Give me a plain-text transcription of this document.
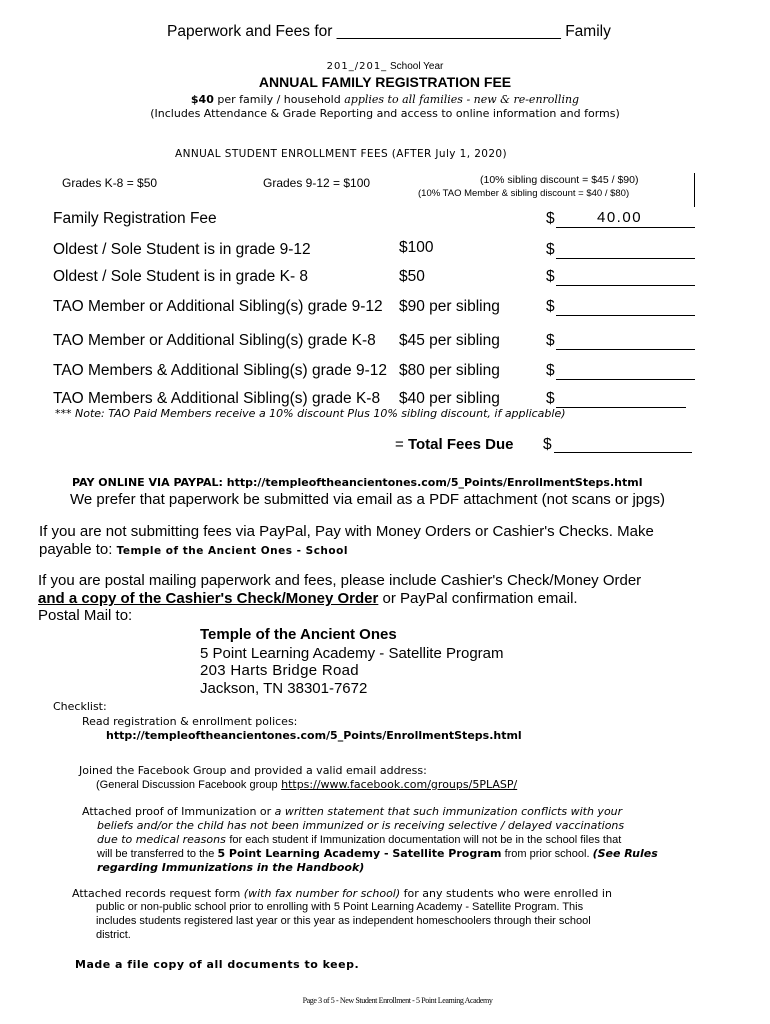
Paperwork and Fees for __________________________ Family
201_/201_ School Year
ANNUAL FAMILY REGISTRATION FEE
$40 per family / household applies to all families - new & re-enrolling
(Includes Attendance & Grade Reporting and access to online information and forms)
ANNUAL STUDENT ENROLLMENT FEES (AFTER July 1, 2020)
Grades K-8 = $50	Grades 9-12 = $100	(10% sibling discount = $45 / $90)
(10% TAO Member & sibling discount = $40 / $80)
Family Registration Fee	$	40.00
Oldest / Sole Student is in grade 9-12	$100	$
Oldest / Sole Student is in grade K- 8	$50	$
TAO Member or Additional Sibling(s) grade 9-12 $90 per sibling	$
TAO Member or Additional Sibling(s) grade K-8 $45 per sibling	$
TAO Members & Additional Sibling(s) grade 9-12 $80 per sibling	$
TAO Members & Additional Sibling(s) grade K-8 $40 per sibling	$
*** Note: TAO Paid Members receive a 10% discount Plus 10% sibling discount, if applicable)
= Total Fees Due $
PAY ONLINE VIA PAYPAL: http://templeoftheancientones.com/5_Points/EnrollmentSteps.html
We prefer that paperwork be submitted via email as a PDF attachment (not scans or jpgs)
If you are not submitting fees via PayPal, Pay with Money Orders or Cashier's Checks. Make
payable to: Temple of the Ancient Ones - School
If you are postal mailing paperwork and fees, please include Cashier's Check/Money Order
and a copy of the Cashier's Check/Money Order or PayPal confirmation email.
Postal Mail to:
Temple of the Ancient Ones
5 Point Learning Academy - Satellite Program
203 Harts Bridge Road
Jackson, TN 38301-7672
Checklist:
Read registration & enrollment polices:
http://templeoftheancientones.com/5_Points/EnrollmentSteps.html
Joined the Facebook Group and provided a valid email address:
(General Discussion Facebook group https://www.facebook.com/groups/5PLASP/
Attached proof of Immunization or a written statement that such immunization conflicts with your
beliefs and/or the child has not been immunized or is receiving selective / delayed vaccinations
due to medical reasons for each student if Immunization documentation will not be in the school files that
will be transferred to the 5 Point Learning Academy - Satellite Program from prior school. (See Rules
regarding Immunizations in the Handbook)
Attached records request form (with fax number for school) for any students who were enrolled in
public or non-public school prior to enrolling with 5 Point Learning Academy - Satellite Program. This
includes students registered last year or this year as independent homeschoolers through their school
district.
Made a file copy of all documents to keep.
Page 3 of 5 - New Student Enrollment - 5 Point Learning Academy
